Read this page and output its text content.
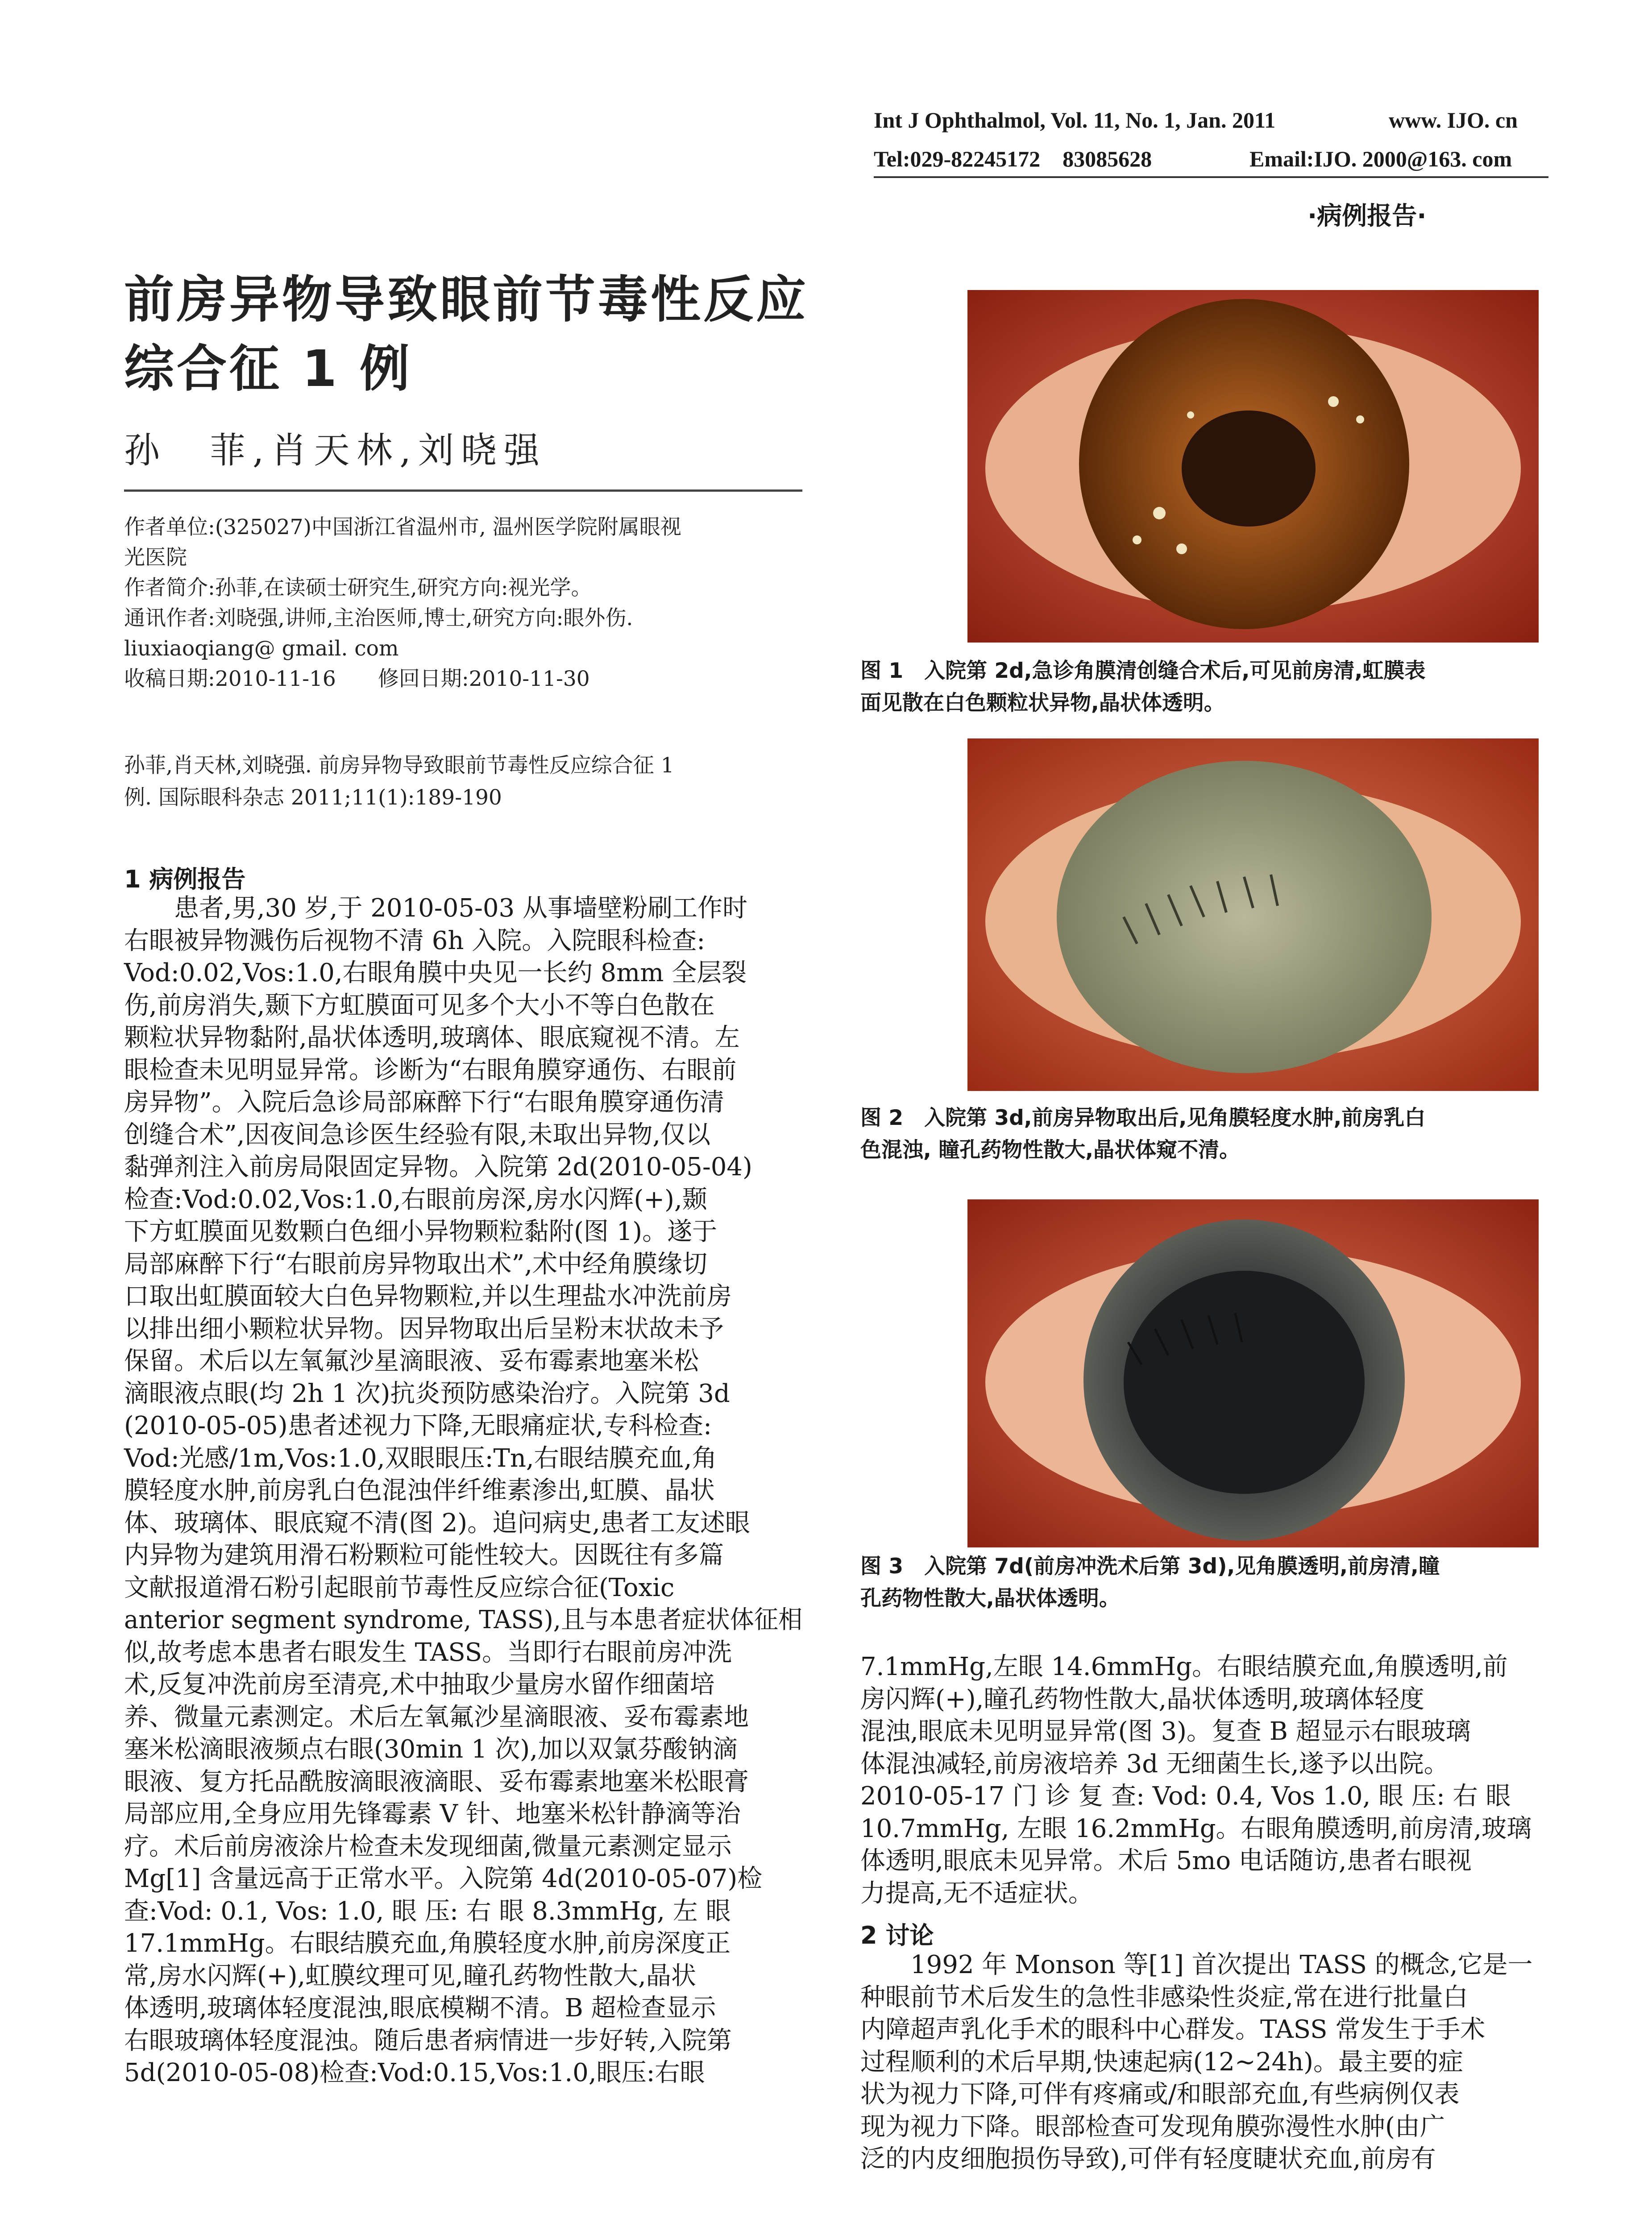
Int J Ophthalmol, Vol. 11, No. 1, Jan. 2011	www. IJO. cn
Tel:029-82245172    83085628	Email:IJO. 2000@163. com
·病例报告·
前房异物导致眼前节毒性反应
综合征 1 例
孙　菲,肖天林,刘晓强
作者单位:(325027)中国浙江省温州市, 温州医学院附属眼视
光医院
作者简介:孙菲,在读硕士研究生,研究方向:视光学。
通讯作者:刘晓强,讲师,主治医师,博士,研究方向:眼外伤.
liuxiaoqiang@ gmail. com
收稿日期:2010-11-16　　修回日期:2010-11-30
孙菲,肖天林,刘晓强. 前房异物导致眼前节毒性反应综合征 1
例. 国际眼科杂志 2011;11(1):189-190
1 病例报告
　　患者,男,30 岁,于 2010-05-03 从事墙壁粉刷工作时
右眼被异物溅伤后视物不清 6h 入院。入院眼科检查:
Vod:0.02,Vos:1.0,右眼角膜中央见一长约 8mm 全层裂
伤,前房消失,颞下方虹膜面可见多个大小不等白色散在
颗粒状异物黏附,晶状体透明,玻璃体、眼底窥视不清。左
眼检查未见明显异常。诊断为“右眼角膜穿通伤、右眼前
房异物”。入院后急诊局部麻醉下行“右眼角膜穿通伤清
创缝合术”,因夜间急诊医生经验有限,未取出异物,仅以
黏弹剂注入前房局限固定异物。入院第 2d(2010-05-04)
检查:Vod:0.02,Vos:1.0,右眼前房深,房水闪辉(+),颞
下方虹膜面见数颗白色细小异物颗粒黏附(图 1)。遂于
局部麻醉下行“右眼前房异物取出术”,术中经角膜缘切
口取出虹膜面较大白色异物颗粒,并以生理盐水冲洗前房
以排出细小颗粒状异物。因异物取出后呈粉末状故未予
保留。术后以左氧氟沙星滴眼液、妥布霉素地塞米松
滴眼液点眼(均 2h 1 次)抗炎预防感染治疗。入院第 3d
(2010-05-05)患者述视力下降,无眼痛症状,专科检查:
Vod:光感/1m,Vos:1.0,双眼眼压:Tn,右眼结膜充血,角
膜轻度水肿,前房乳白色混浊伴纤维素渗出,虹膜、晶状
体、玻璃体、眼底窥不清(图 2)。追问病史,患者工友述眼
内异物为建筑用滑石粉颗粒可能性较大。因既往有多篇
文献报道滑石粉引起眼前节毒性反应综合征(Toxic
anterior segment syndrome, TASS),且与本患者症状体征相
似,故考虑本患者右眼发生 TASS。当即行右眼前房冲洗
术,反复冲洗前房至清亮,术中抽取少量房水留作细菌培
养、微量元素测定。术后左氧氟沙星滴眼液、妥布霉素地
塞米松滴眼液频点右眼(30min 1 次),加以双氯芬酸钠滴
眼液、复方托品酰胺滴眼液滴眼、妥布霉素地塞米松眼膏
局部应用,全身应用先锋霉素 V 针、地塞米松针静滴等治
疗。术后前房液涂片检查未发现细菌,微量元素测定显示
Mg[1] 含量远高于正常水平。入院第 4d(2010-05-07)检
查:Vod: 0.1, Vos: 1.0, 眼 压: 右 眼 8.3mmHg, 左 眼
17.1mmHg。右眼结膜充血,角膜轻度水肿,前房深度正
常,房水闪辉(+),虹膜纹理可见,瞳孔药物性散大,晶状
体透明,玻璃体轻度混浊,眼底模糊不清。B 超检查显示
右眼玻璃体轻度混浊。随后患者病情进一步好转,入院第
5d(2010-05-08)检查:Vod:0.15,Vos:1.0,眼压:右眼
图 1　入院第 2d,急诊角膜清创缝合术后,可见前房清,虹膜表
面见散在白色颗粒状异物,晶状体透明。
图 2　入院第 3d,前房异物取出后,见角膜轻度水肿,前房乳白
色混浊, 瞳孔药物性散大,晶状体窥不清。
图 3　入院第 7d(前房冲洗术后第 3d),见角膜透明,前房清,瞳
孔药物性散大,晶状体透明。
7.1mmHg,左眼 14.6mmHg。右眼结膜充血,角膜透明,前
房闪辉(+),瞳孔药物性散大,晶状体透明,玻璃体轻度
混浊,眼底未见明显异常(图 3)。复查 B 超显示右眼玻璃
体混浊减轻,前房液培养 3d 无细菌生长,遂予以出院。
2010-05-17 门 诊 复 查: Vod: 0.4, Vos 1.0, 眼 压: 右 眼
10.7mmHg, 左眼 16.2mmHg。右眼角膜透明,前房清,玻璃
体透明,眼底未见异常。术后 5mo 电话随访,患者右眼视
力提高,无不适症状。
2 讨论
　　1992 年 Monson 等[1] 首次提出 TASS 的概念,它是一
种眼前节术后发生的急性非感染性炎症,常在进行批量白
内障超声乳化手术的眼科中心群发。TASS 常发生于手术
过程顺利的术后早期,快速起病(12~24h)。最主要的症
状为视力下降,可伴有疼痛或/和眼部充血,有些病例仅表
现为视力下降。眼部检查可发现角膜弥漫性水肿(由广
泛的内皮细胞损伤导致),可伴有轻度睫状充血,前房有
